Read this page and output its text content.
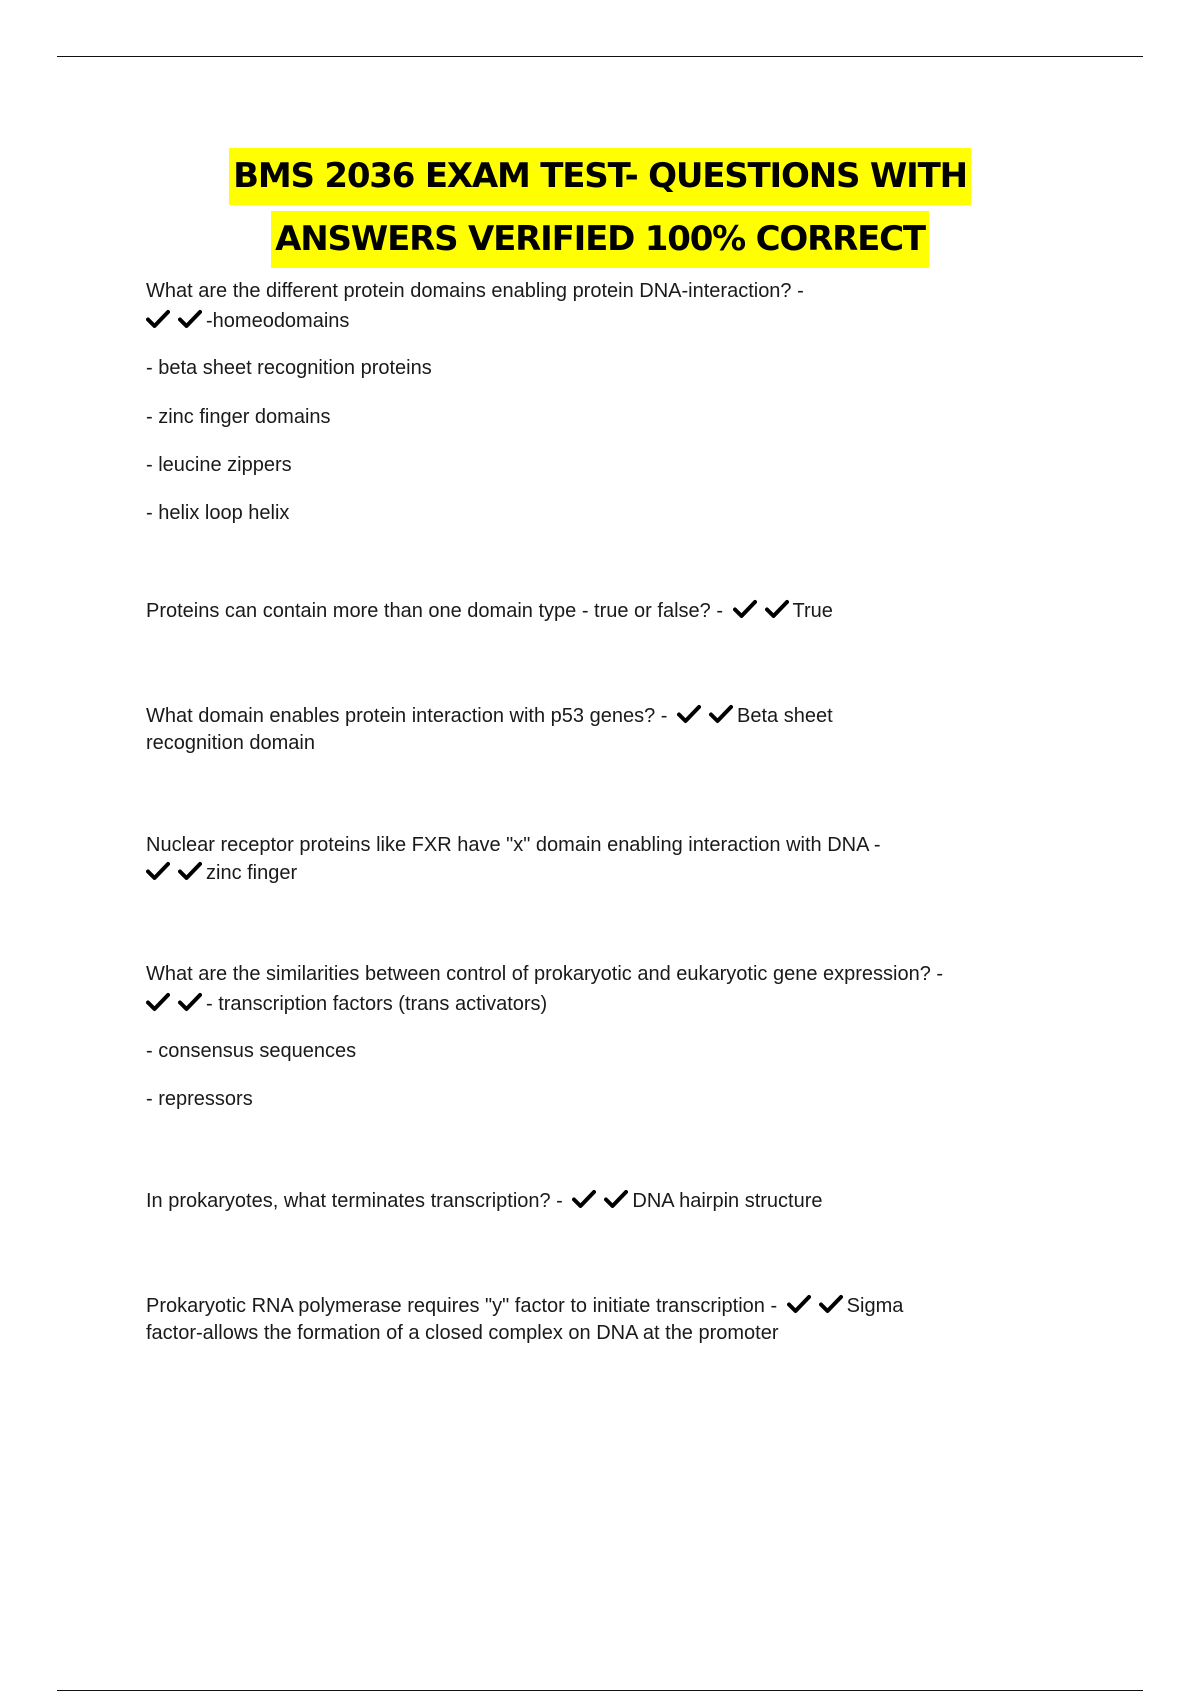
BMS 2036 EXAM TEST- QUESTIONS WITH
ANSWERS VERIFIED 100% CORRECT
What are the different protein domains enabling protein DNA-interaction? -
-homeodomains
- beta sheet recognition proteins
- zinc finger domains
- leucine zippers
- helix loop helix
Proteins can contain more than one domain type - true or false? -	True
What domain enables protein interaction with p53 genes? -	Beta sheet
recognition domain
Nuclear receptor proteins like FXR have "x" domain enabling interaction with DNA -
zinc finger
What are the similarities between control of prokaryotic and eukaryotic gene expression? -
- transcription factors (trans activators)
- consensus sequences
- repressors
In prokaryotes, what terminates transcription? -	DNA hairpin structure
Prokaryotic RNA polymerase requires "y" factor to initiate transcription -	Sigma
factor-allows the formation of a closed complex on DNA at the promoter
